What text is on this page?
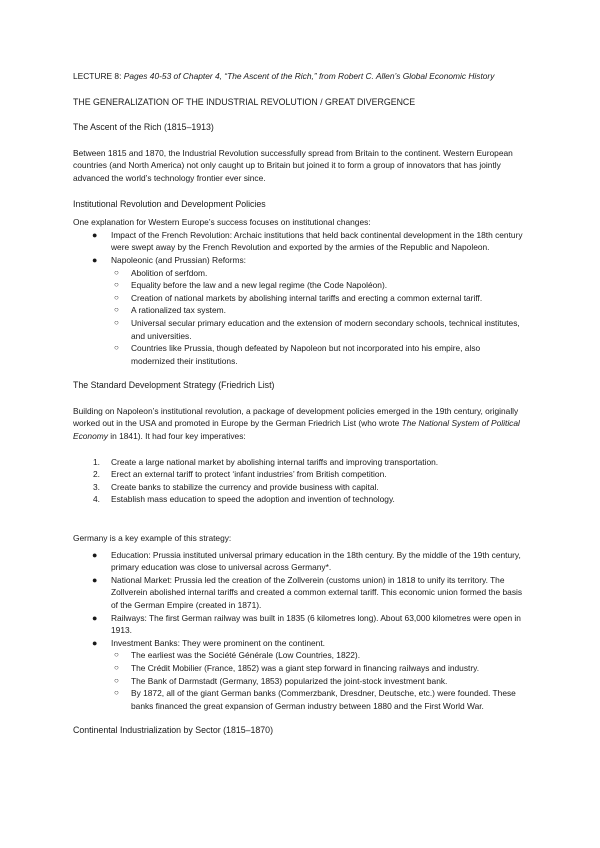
LECTURE 8: Pages 40-53 of Chapter 4, “The Ascent of the Rich,” from Robert C. Allen’s Global Economic History
THE GENERALIZATION OF THE INDUSTRIAL REVOLUTION / GREAT DIVERGENCE
The Ascent of the Rich (1815–1913)

Between 1815 and 1870, the Industrial Revolution successfully spread from Britain to the continent. Western European countries (and North America) not only caught up to Britain but joined it to form a group of innovators that has jointly advanced the world’s technology frontier ever since.

Institutional Revolution and Development Policies
One explanation for Western Europe’s success focuses on institutional changes:
● Impact of the French Revolution: Archaic institutions that held back continental development in the 18th century were swept away by the French Revolution and exported by the armies of the Republic and Napoleon.
● Napoleonic (and Prussian) Reforms:
○ Abolition of serfdom.
○ Equality before the law and a new legal regime (the Code Napoléon).
○ Creation of national markets by abolishing internal tariffs and erecting a common external tariff.
○ A rationalized tax system.
○ Universal secular primary education and the extension of modern secondary schools, technical institutes, and universities.
○ Countries like Prussia, though defeated by Napoleon but not incorporated into his empire, also modernized their institutions.
The Standard Development Strategy (Friedrich List)

Building on Napoleon’s institutional revolution, a package of development policies emerged in the 19th century, originally worked out in the USA and promoted in Europe by the German Friedrich List (who wrote The National System of Political Economy in 1841). It had four key imperatives:

1. Create a large national market by abolishing internal tariffs and improving transportation.
2. Erect an external tariff to protect ‘infant industries’ from British competition.
3. Create banks to stabilize the currency and provide business with capital.
4. Establish mass education to speed the adoption and invention of technology.
Germany is a key example of this strategy:
● Education: Prussia instituted universal primary education in the 18th century. By the middle of the 19th century, primary education was close to universal across Germany*.
● National Market: Prussia led the creation of the Zollverein (customs union) in 1818 to unify its territory. The Zollverein abolished internal tariffs and created a common external tariff. This economic union formed the basis of the German Empire (created in 1871).
● Railways: The first German railway was built in 1835 (6 kilometres long). About 63,000 kilometres were open in 1913.
● Investment Banks: They were prominent on the continent.
○ The earliest was the Société Générale (Low Countries, 1822).
○ The Crédit Mobilier (France, 1852) was a giant step forward in financing railways and industry.
○ The Bank of Darmstadt (Germany, 1853) popularized the joint-stock investment bank.
○ By 1872, all of the giant German banks (Commerzbank, Dresdner, Deutsche, etc.) were founded. These banks financed the great expansion of German industry between 1880 and the First World War.
Continental Industrialization by Sector (1815–1870)
